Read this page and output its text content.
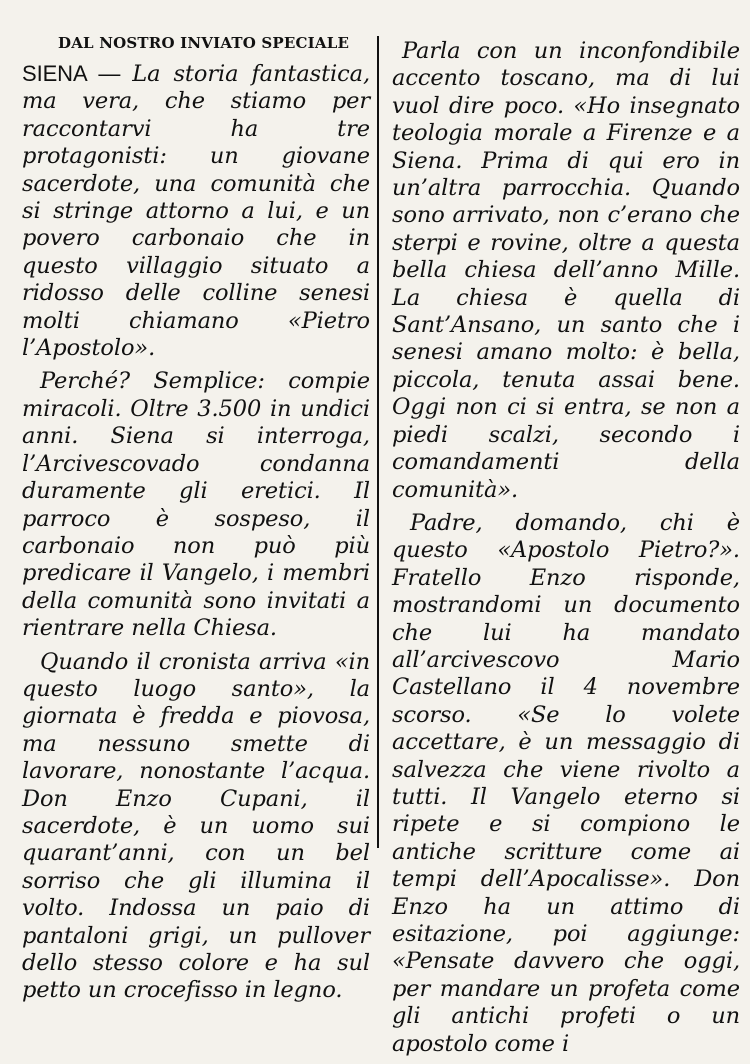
DAL NOSTRO INVIATO SPECIALE

SIENA — La storia fantastica, ma vera, che stiamo per raccontarvi ha tre protagonisti: un giovane sacerdote, una comunità che si stringe attorno a lui, e un povero carbonaio che in questo villaggio situato a ridosso delle colline senesi molti chiamano «Pietro l’Apostolo».

Perché? Semplice: compie miracoli. Oltre 3.500 in undici anni. Siena si interroga, l’Arcivescovado condanna duramente gli eretici. Il parroco è sospeso, il carbonaio non può più predicare il Vangelo, i membri della comunità sono invitati a rientrare nella Chiesa.

Quando il cronista arriva «in questo luogo santo», la giornata è fredda e piovosa, ma nessuno smette di lavorare, nonostante l’acqua. Don Enzo Cupani, il sacerdote, è un uomo sui quarant’anni, con un bel sorriso che gli illumina il volto. Indossa un paio di pantaloni grigi, un pullover dello stesso colore e ha sul petto un crocefisso in legno.

Parla con un inconfondibile accento toscano, ma di lui vuol dire poco. «Ho insegnato teologia morale a Firenze e a Siena. Prima di qui ero in un’altra parrocchia. Quando sono arrivato, non c’erano che sterpi e rovine, oltre a questa bella chiesa dell’anno Mille. La chiesa è quella di Sant’Ansano, un santo che i senesi amano molto: è bella, piccola, tenuta assai bene. Oggi non ci si entra, se non a piedi scalzi, secondo i comandamenti della comunità».

Padre, domando, chi è questo «Apostolo Pietro?». Fratello Enzo risponde, mostrandomi un documento che lui ha mandato all’arcivescovo Mario Castellano il 4 novembre scorso. «Se lo volete accettare, è un messaggio di salvezza che viene rivolto a tutti. Il Vangelo eterno si ripete e si compiono le antiche scritture come ai tempi dell’Apocalisse». Don Enzo ha un attimo di esitazione, poi aggiunge: «Pensate davvero che oggi, per mandare un profeta come gli antichi profeti o un apostolo come i
